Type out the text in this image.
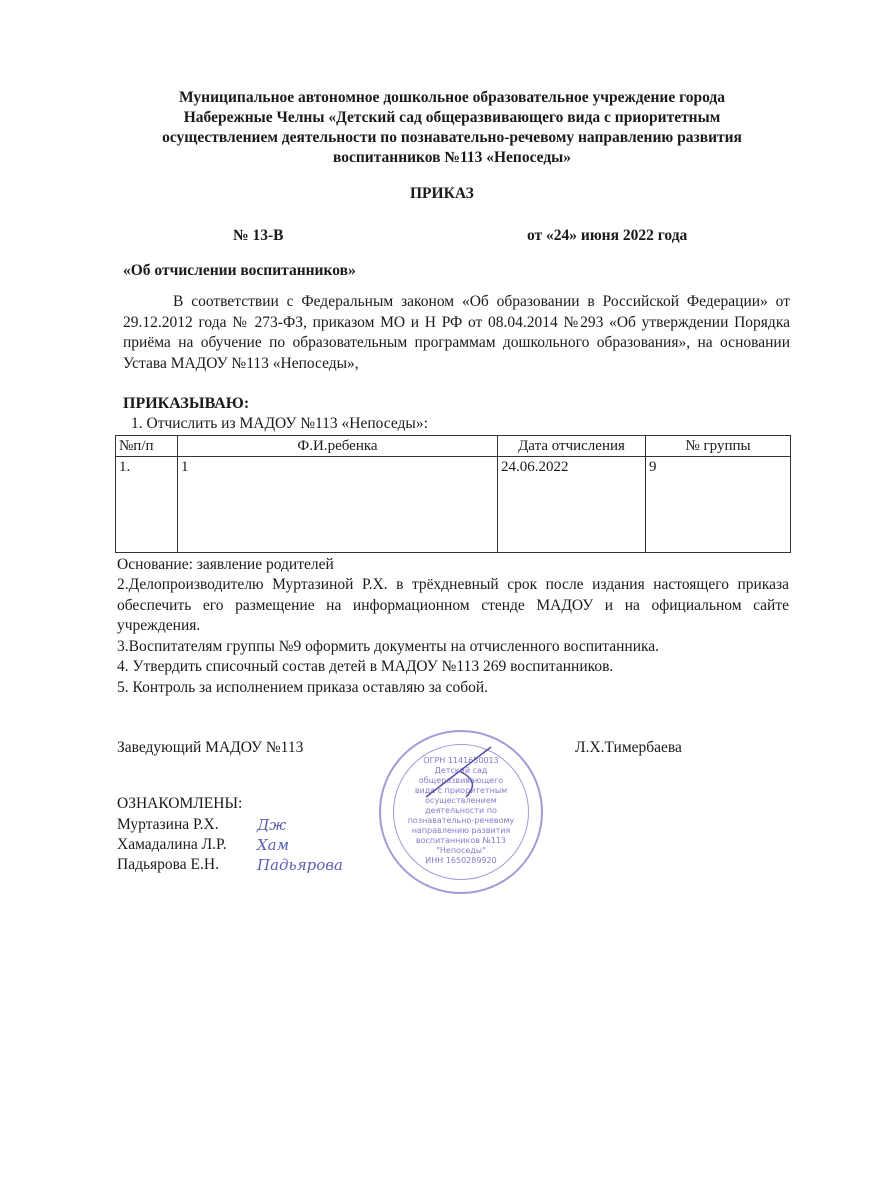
Муниципальное автономное дошкольное образовательное учреждение города
Набережные Челны «Детский сад общеразвивающего вида с приоритетным
осуществлением деятельности по познавательно-речевому направлению развития
воспитанников №113 «Непоседы»
ПРИКАЗ
№ 13-В	от «24» июня 2022 года
«Об отчислении воспитанников»
В соответствии с Федеральным законом «Об образовании в Российской Федерации» от 29.12.2012 года № 273-ФЗ, приказом МО и Н РФ от 08.04.2014 №293 «Об утверждении Порядка приёма на обучение по образовательным программам дошкольного образования», на основании Устава МАДОУ №113 «Непоседы»,
ПРИКАЗЫВАЮ:
1. Отчислить из МАДОУ №113 «Непоседы»:
№п/п	Ф.И.ребенка	Дата отчисления	№ группы
1.	1	24.06.2022	9
Основание: заявление родителей
2.Делопроизводителю Муртазиной Р.Х. в трёхдневный срок после издания настоящего приказа обеспечить его размещение на информационном стенде МАДОУ и на официальном сайте учреждения.
3.Воспитателям группы №9 оформить документы на отчисленного воспитанника.
4. Утвердить списочный состав детей в МАДОУ №113 269 воспитанников.
5. Контроль за исполнением приказа оставляю за собой.
Заведующий МАДОУ №113	Л.Х.Тимербаева
ОЗНАКОМЛЕНЫ:
Муртазина Р.Х.	Дж
Хамадалина Л.Р.	Хам
Падьярова Е.Н.	Падьярова
ОГРН 1141650013
Детский сад
общеразвивающего
вида с приоритетным
осуществлением
деятельности по
познавательно-речевому
направлению развития
воспитанников №113
"Непоседы"
ИНН 1650289920
